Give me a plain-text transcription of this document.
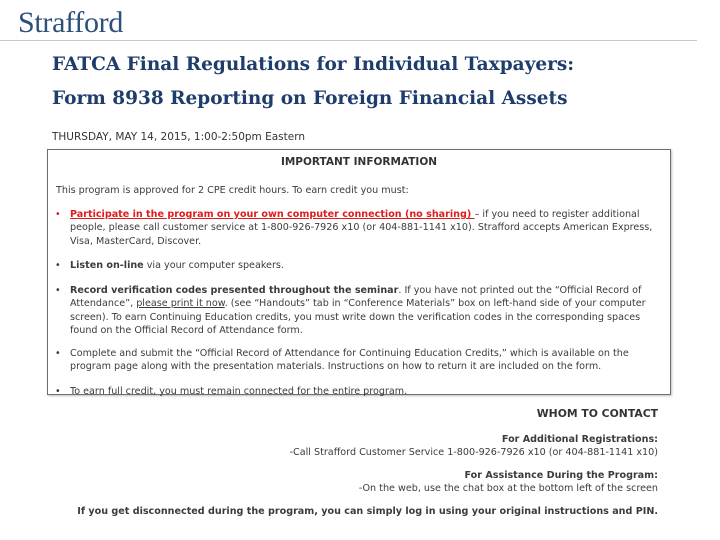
Strafford
FATCA Final Regulations for Individual Taxpayers:
Form 8938 Reporting on Foreign Financial Assets
THURSDAY, MAY 14, 2015, 1:00-2:50pm Eastern
IMPORTANT INFORMATION
This program is approved for 2 CPE credit hours. To earn credit you must:
• Participate in the program on your own computer connection (no sharing) – if you need to register additional people, please call customer service at 1-800-926-7926 x10 (or 404-881-1141 x10). Strafford accepts American Express, Visa, MasterCard, Discover.
• Listen on-line via your computer speakers.
• Record verification codes presented throughout the seminar. If you have not printed out the “Official Record of Attendance”, please print it now. (see “Handouts” tab in “Conference Materials” box on left-hand side of your computer screen). To earn Continuing Education credits, you must write down the verification codes in the corresponding spaces found on the Official Record of Attendance form.
• Complete and submit the “Official Record of Attendance for Continuing Education Credits,” which is available on the program page along with the presentation materials. Instructions on how to return it are included on the form.
• To earn full credit, you must remain connected for the entire program.
WHOM TO CONTACT
For Additional Registrations:
-Call Strafford Customer Service 1-800-926-7926 x10 (or 404-881-1141 x10)
For Assistance During the Program:
-On the web, use the chat box at the bottom left of the screen
If you get disconnected during the program, you can simply log in using your original instructions and PIN.
